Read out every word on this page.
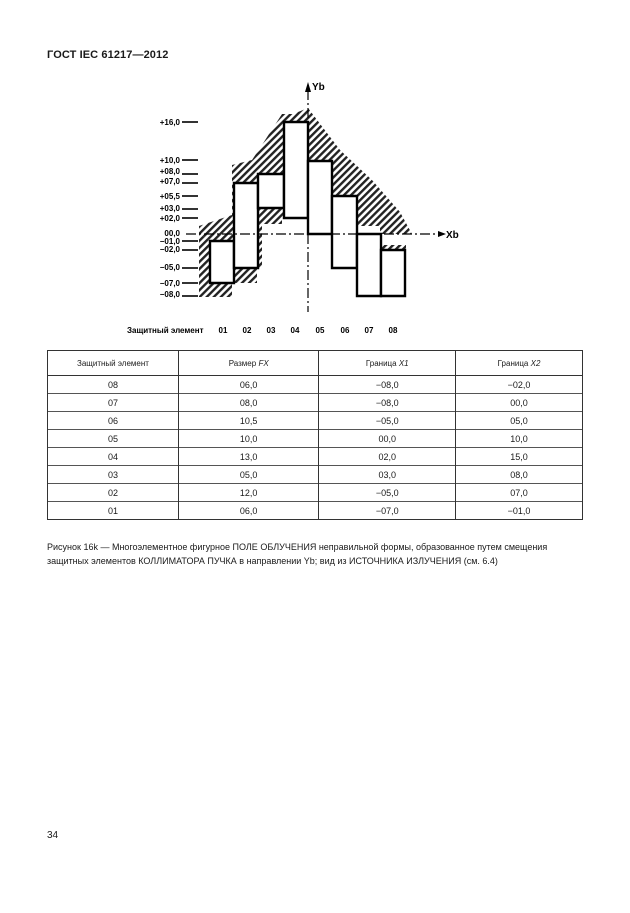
ГОСТ IEC 61217—2012
Yb
Xb
+16,0
+10,0
+08,0
+07,0
+05,5
+03,0
+02,0
00,0
−01,0
−02,0
−05,0
−07,0
−08,0
Защитный элемент 01 02 03 04 05 06 07 08
Защитный элемент	Размер FX	Граница X1	Граница X2
08	06,0	−08,0	−02,0
07	08,0	−08,0	00,0
06	10,5	−05,0	05,0
05	10,0	00,0	10,0
04	13,0	02,0	15,0
03	05,0	03,0	08,0
02	12,0	−05,0	07,0
01	06,0	−07,0	−01,0
Рисунок 16k — Многоэлементное фигурное ПОЛЕ ОБЛУЧЕНИЯ неправильной формы, образованное путем смещения защитных элементов КОЛЛИМАТОРА ПУЧКА в направлении Yb; вид из ИСТОЧНИКА ИЗЛУЧЕНИЯ (см. 6.4)
34
